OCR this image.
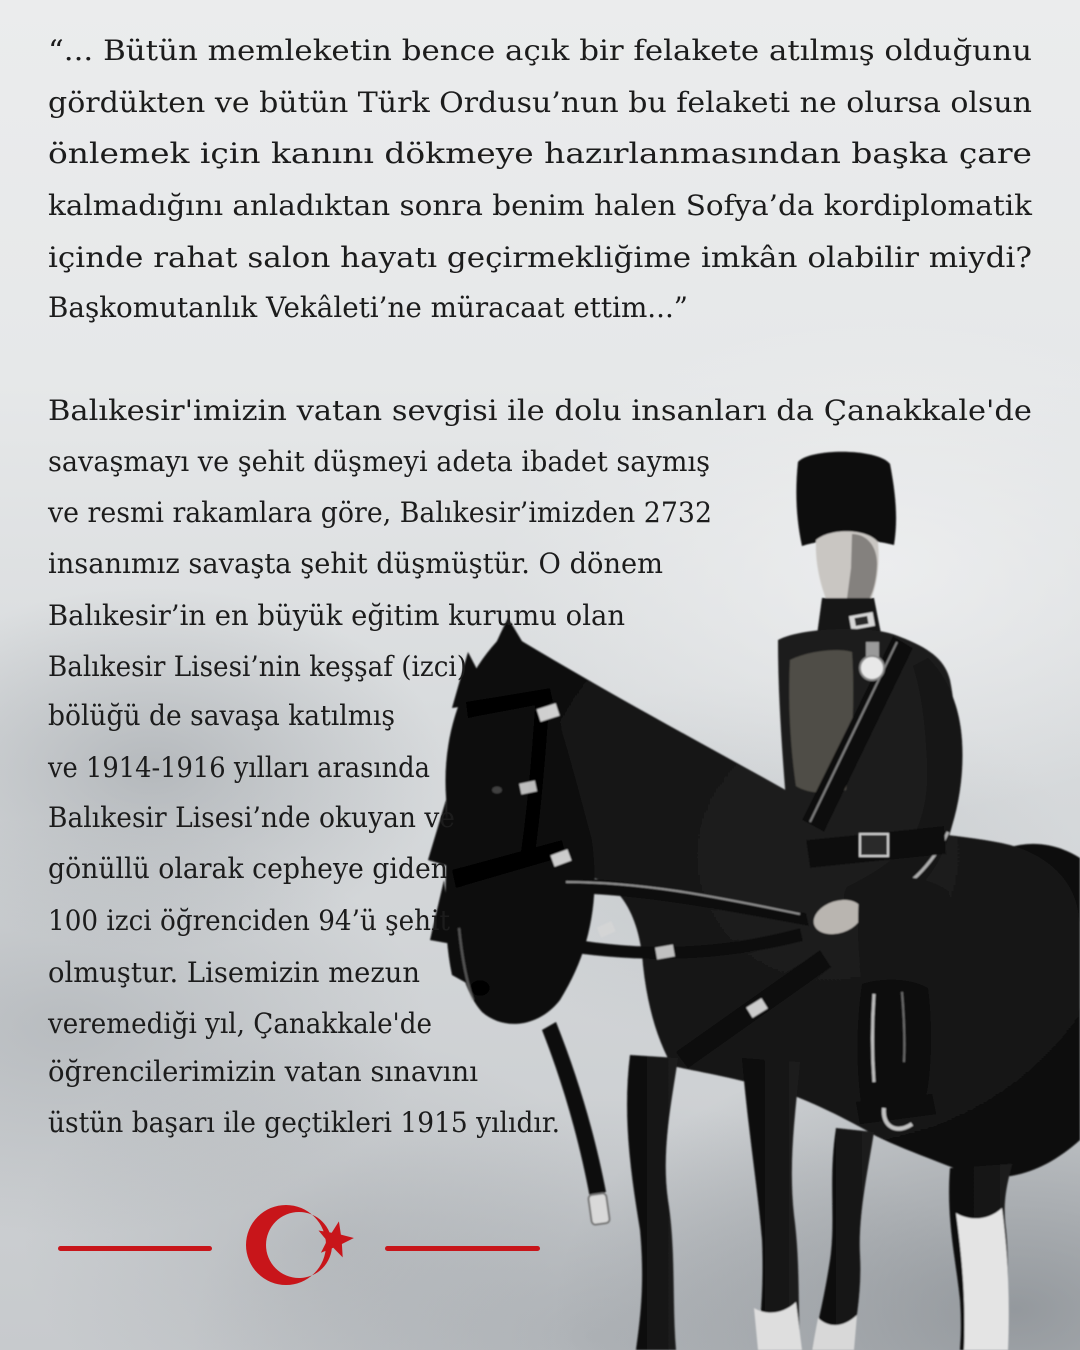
“... Bütün memleketin bence açık bir felakete atılmış olduğunu
gördükten ve bütün Türk Ordusu’nun bu felaketi ne olursa olsun
önlemek için kanını dökmeye hazırlanmasından başka çare
kalmadığını anladıktan sonra benim halen Sofya’da kordiplomatik
içinde rahat salon hayatı geçirmekliğime imkân olabilir miydi?
Başkomutanlık Vekâleti’ne müracaat ettim...”
Balıkesir'imizin vatan sevgisi ile dolu insanları da Çanakkale'de
savaşmayı ve şehit düşmeyi adeta ibadet saymış
ve resmi rakamlara göre, Balıkesir’imizden 2732
insanımız savaşta şehit düşmüştür. O dönem
Balıkesir’in en büyük eğitim kurumu olan
Balıkesir Lisesi’nin keşşaf (izci)
bölüğü de savaşa katılmış
ve 1914-1916 yılları arasında
Balıkesir Lisesi’nde okuyan ve
gönüllü olarak cepheye giden
100 izci öğrenciden 94’ü şehit
olmuştur. Lisemizin mezun
veremediği yıl, Çanakkale'de
öğrencilerimizin vatan sınavını
üstün başarı ile geçtikleri 1915 yılıdır.
